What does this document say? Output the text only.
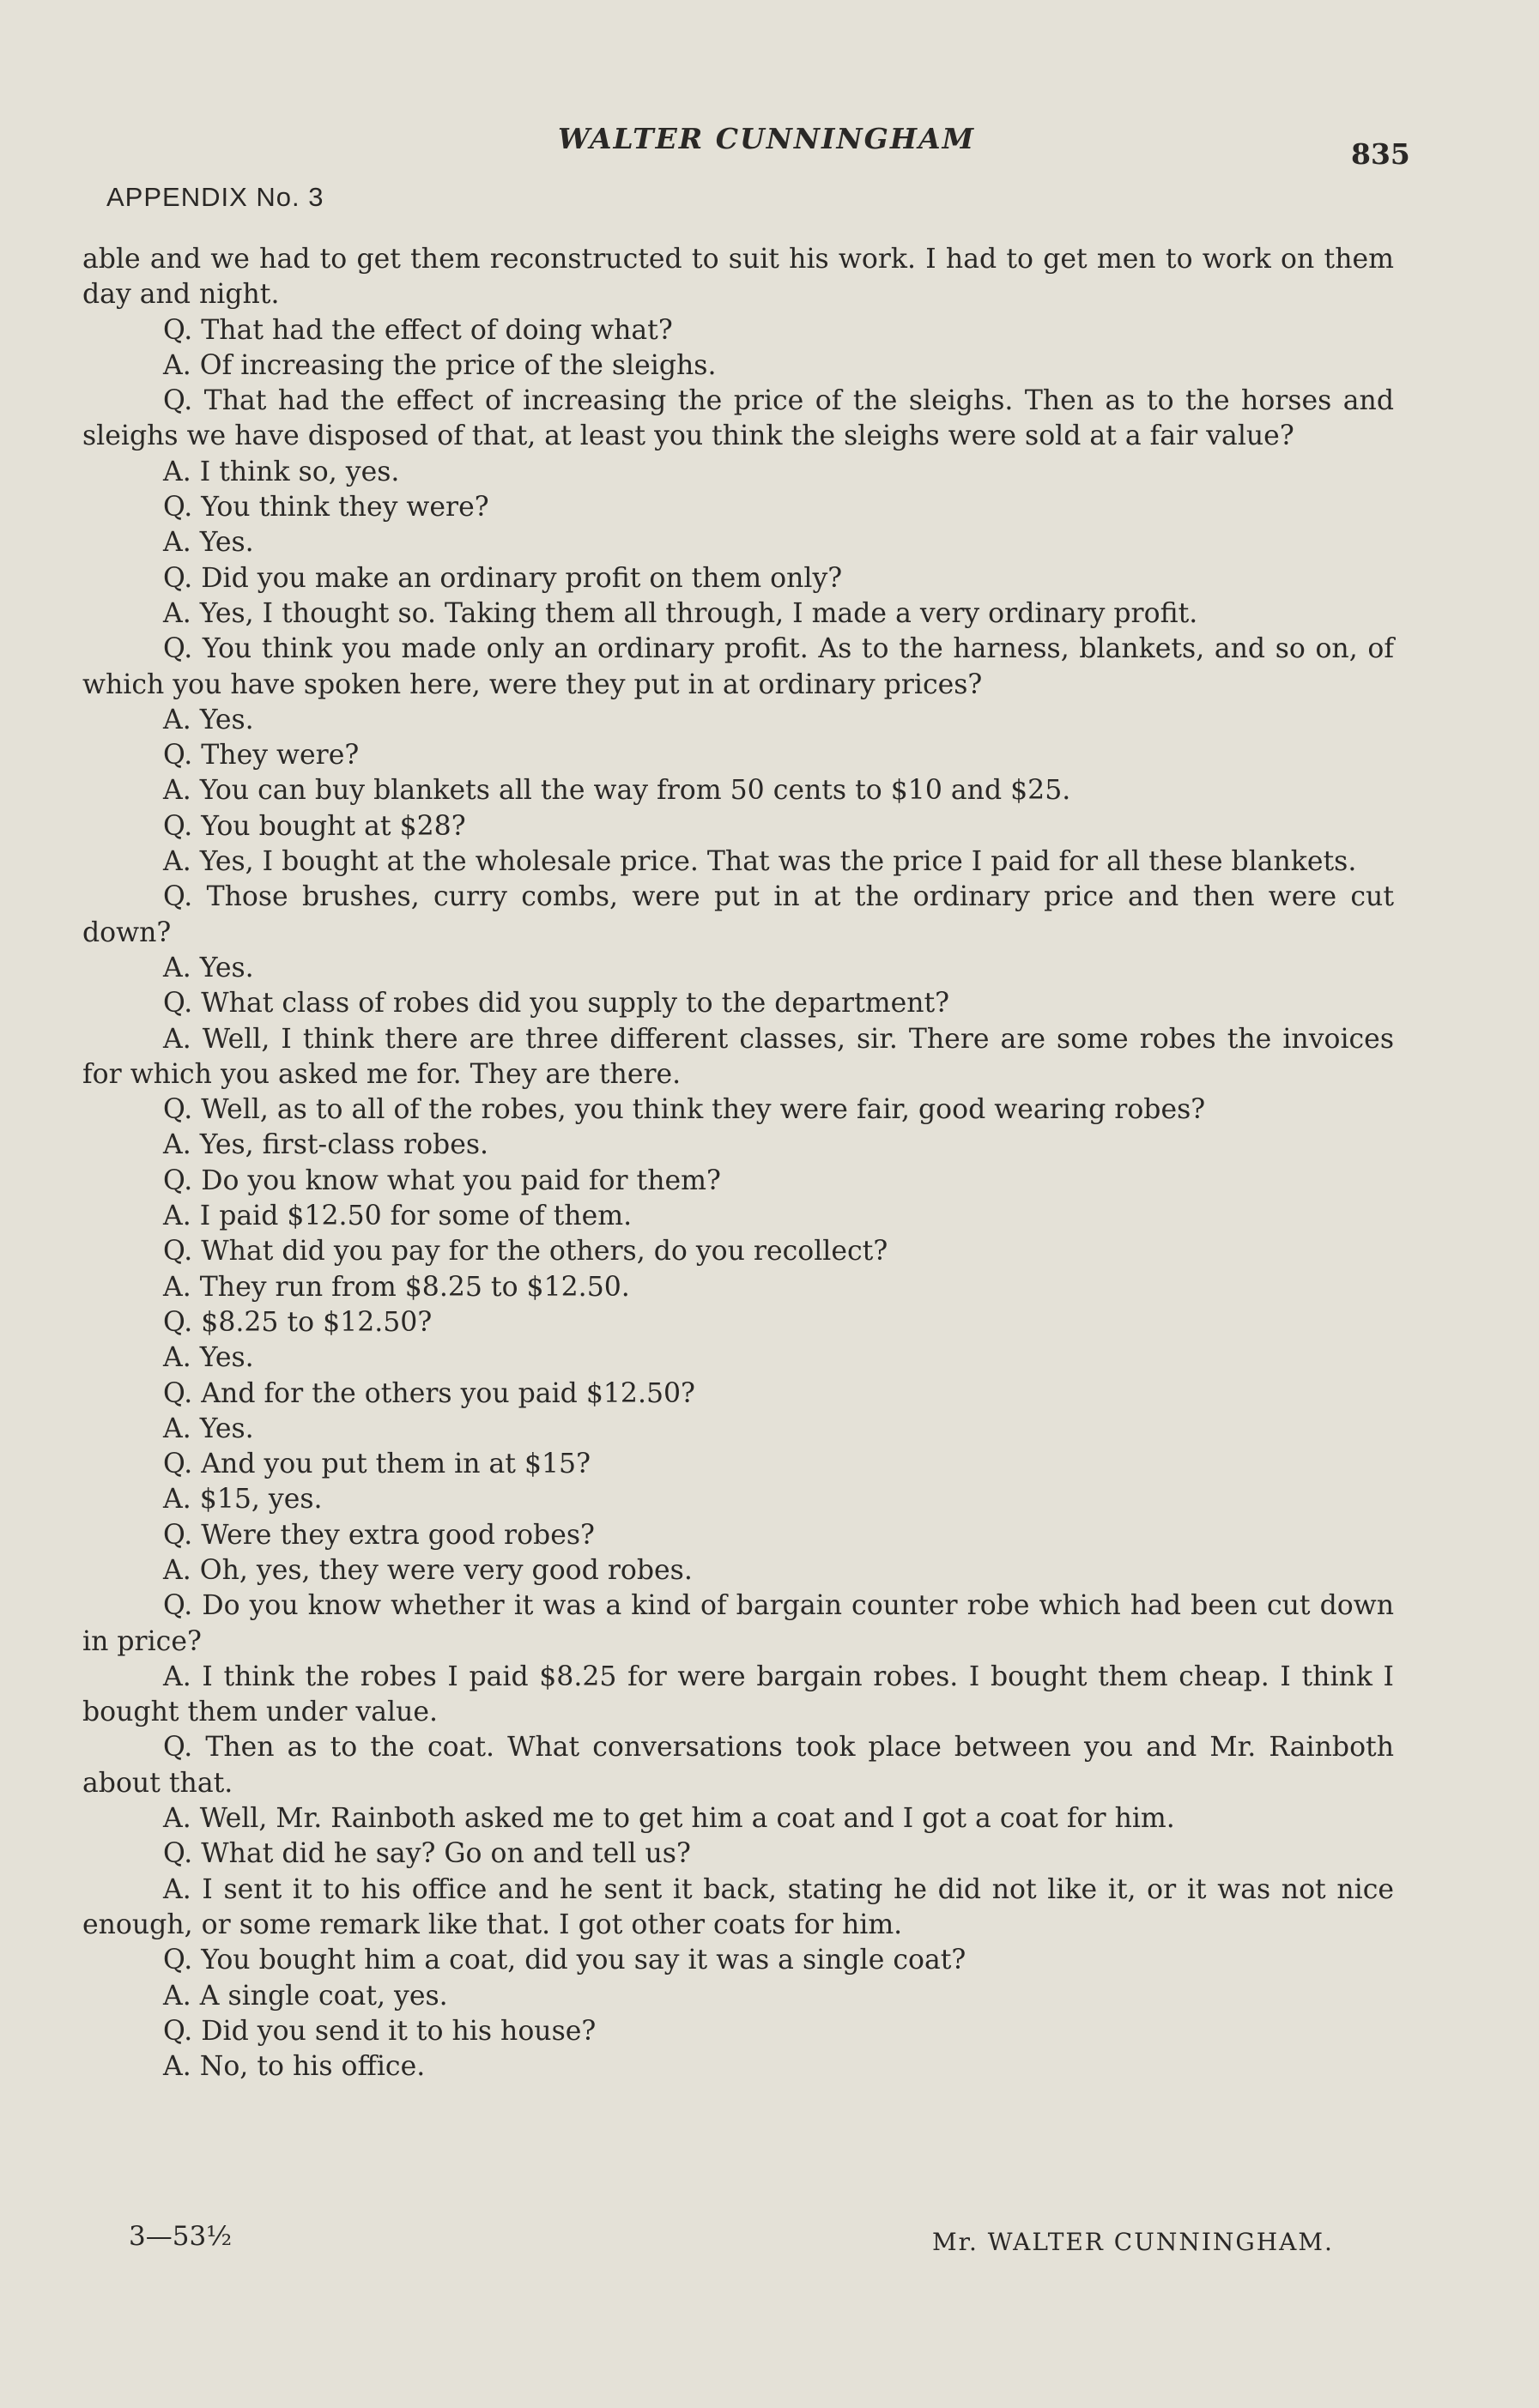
WALTER CUNNINGHAM	835
APPENDIX No. 3

able and we had to get them reconstructed to suit his work. I had to get men to work on them day and night.

Q. That had the effect of doing what?

A. Of increasing the price of the sleighs.

Q. That had the effect of increasing the price of the sleighs. Then as to the horses and sleighs we have disposed of that, at least you think the sleighs were sold at a fair value?

A. I think so, yes.

Q. You think they were?

A. Yes.

Q. Did you make an ordinary profit on them only?

A. Yes, I thought so. Taking them all through, I made a very ordinary profit.

Q. You think you made only an ordinary profit. As to the harness, blankets, and so on, of which you have spoken here, were they put in at ordinary prices?

A. Yes.

Q. They were?

A. You can buy blankets all the way from 50 cents to $10 and $25.

Q. You bought at $28?

A. Yes, I bought at the wholesale price. That was the price I paid for all these blankets.

Q. Those brushes, curry combs, were put in at the ordinary price and then were cut down?

A. Yes.

Q. What class of robes did you supply to the department?

A. Well, I think there are three different classes, sir. There are some robes the invoices for which you asked me for. They are there.

Q. Well, as to all of the robes, you think they were fair, good wearing robes?

A. Yes, first-class robes.

Q. Do you know what you paid for them?

A. I paid $12.50 for some of them.

Q. What did you pay for the others, do you recollect?

A. They run from $8.25 to $12.50.

Q. $8.25 to $12.50?

A. Yes.

Q. And for the others you paid $12.50?

A. Yes.

Q. And you put them in at $15?

A. $15, yes.

Q. Were they extra good robes?

A. Oh, yes, they were very good robes.

Q. Do you know whether it was a kind of bargain counter robe which had been cut down in price?

A. I think the robes I paid $8.25 for were bargain robes. I bought them cheap. I think I bought them under value.

Q. Then as to the coat. What conversations took place between you and Mr. Rainboth about that.

A. Well, Mr. Rainboth asked me to get him a coat and I got a coat for him.

Q. What did he say? Go on and tell us?

A. I sent it to his office and he sent it back, stating he did not like it, or it was not nice enough, or some remark like that. I got other coats for him.

Q. You bought him a coat, did you say it was a single coat?

A. A single coat, yes.

Q. Did you send it to his house?

A. No, to his office.

3—53½	Mr. WALTER CUNNINGHAM.
